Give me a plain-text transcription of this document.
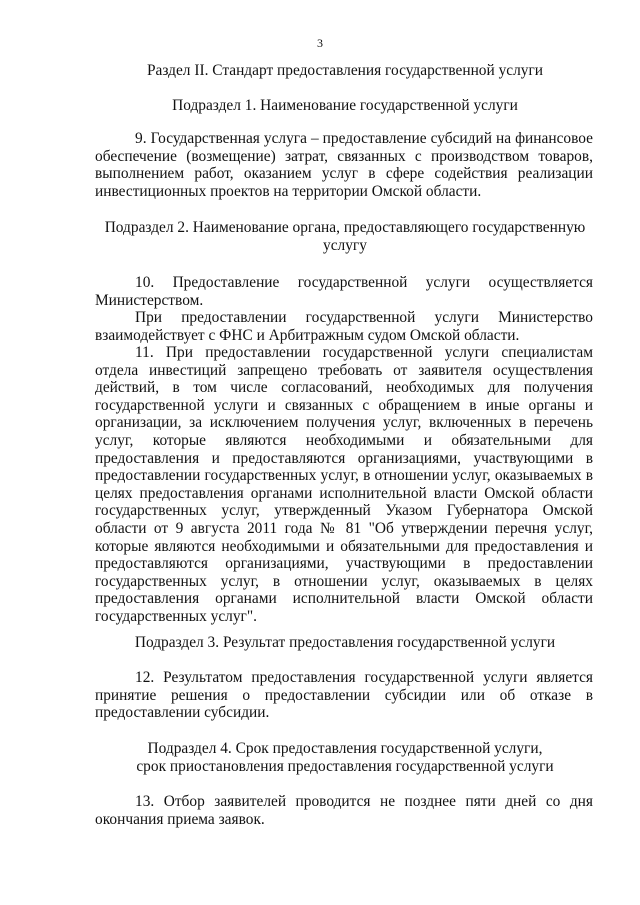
3
Раздел II. Стандарт предоставления государственной услуги
Подраздел 1. Наименование государственной услуги

9. Государственная услуга – предоставление субсидий на финансовое обеспечение (возмещение) затрат, связанных с производством товаров, выполнением работ, оказанием услуг в сфере содействия реализации инвестиционных проектов на территории Омской области.

Подраздел 2. Наименование органа, предоставляющего государственную услугу

10. Предоставление государственной услуги осуществляется Министерством.

При предоставлении государственной услуги Министерство взаимодействует с ФНС и Арбитражным судом Омской области.

11. При предоставлении государственной услуги специалистам отдела инвестиций запрещено требовать от заявителя осуществления действий, в том числе согласований, необходимых для получения государственной услуги и связанных с обращением в иные органы и организации, за исключением получения услуг, включенных в перечень услуг, которые являются необходимыми и обязательными для предоставления и предоставляются организациями, участвующими в предоставлении государственных услуг, в отношении услуг, оказываемых в целях предоставления органами исполнительной власти Омской области государственных услуг, утвержденный Указом Губернатора Омской области от 9 августа 2011 года № 81 "Об утверждении перечня услуг, которые являются необходимыми и обязательными для предоставления и предоставляются организациями, участвующими в предоставлении государственных услуг, в отношении услуг, оказываемых в целях предоставления органами исполнительной власти Омской области государственных услуг".

Подраздел 3. Результат предоставления государственной услуги

12. Результатом предоставления государственной услуги является принятие решения о предоставлении субсидии или об отказе в предоставлении субсидии.

Подраздел 4. Срок предоставления государственной услуги,
срок приостановления предоставления государственной услуги

13. Отбор заявителей проводится не позднее пяти дней со дня окончания приема заявок.
